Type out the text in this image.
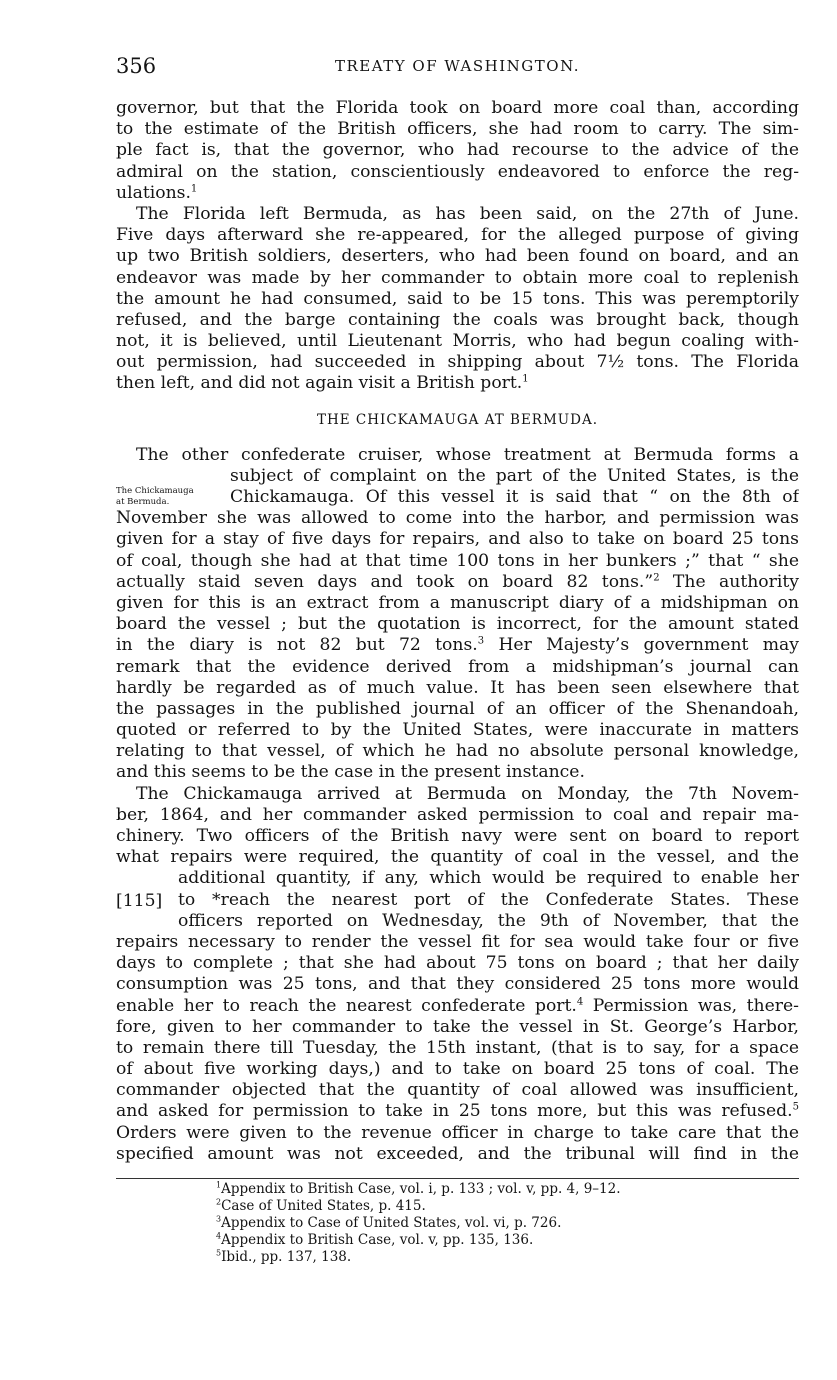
356	TREATY OF WASHINGTON.
governor, but that the Florida took on board more coal than, according
to the estimate of the British officers, she had room to carry. The sim-
ple fact is, that the governor, who had recourse to the advice of the
admiral on the station, conscientiously endeavored to enforce the reg-
ulations.$^1$
The Florida left Bermuda, as has been said, on the 27th of June.
Five days afterward she re-appeared, for the alleged purpose of giving
up two British soldiers, deserters, who had been found on board, and an
endeavor was made by her commander to obtain more coal to replenish
the amount he had consumed, said to be 15 tons. This was peremptorily
refused, and the barge containing the coals was brought back, though
not, it is believed, until Lieutenant Morris, who had begun coaling with-
out permission, had succeeded in shipping about 7½ tons. The Florida
then left, and did not again visit a British port.$^1$
THE CHICKAMAUGA AT BERMUDA.
The other confederate cruiser, whose treatment at Bermuda forms a
subject of complaint on the part of the United States, is the
Chickamauga. Of this vessel it is said that “ on the 8th of
November she was allowed to come into the harbor, and permission was
given for a stay of five days for repairs, and also to take on board 25 tons
of coal, though she had at that time 100 tons in her bunkers ;” that “ she
actually staid seven days and took on board 82 tons.”$^2$ The authority
given for this is an extract from a manuscript diary of a midshipman on
board the vessel ; but the quotation is incorrect, for the amount stated
in the diary is not 82 but 72 tons.$^3$ Her Majesty’s government may
remark that the evidence derived from a midshipman’s journal can
hardly be regarded as of much value. It has been seen elsewhere that
the passages in the published journal of an officer of the Shenandoah,
quoted or referred to by the United States, were inaccurate in matters
relating to that vessel, of which he had no absolute personal knowledge,
and this seems to be the case in the present instance.
The Chickamauga arrived at Bermuda on Monday, the 7th Novem-
ber, 1864, and her commander asked permission to coal and repair ma-
chinery. Two officers of the British navy were sent on board to report
what repairs were required, the quantity of coal in the vessel, and the
additional quantity, if any, which would be required to enable her
to *reach the nearest port of the Confederate States. These
officers reported on Wednesday, the 9th of November, that the
repairs necessary to render the vessel fit for sea would take four or five
days to complete ; that she had about 75 tons on board ; that her daily
consumption was 25 tons, and that they considered 25 tons more would
enable her to reach the nearest confederate port.$^4$ Permission was, there-
fore, given to her commander to take the vessel in St. George’s Harbor,
to remain there till Tuesday, the 15th instant, (that is to say, for a space
of about five working days,) and to take on board 25 tons of coal. The
commander objected that the quantity of coal allowed was insufficient,
and asked for permission to take in 25 tons more, but this was refused.$^5$
Orders were given to the revenue officer in charge to take care that the
specified amount was not exceeded, and the tribunal will find in the
The Chickamauga
at Bermuda.
[115]
$^1$Appendix to British Case, vol. i, p. 133 ; vol. v, pp. 4, 9–12.
$^2$Case of United States, p. 415.
$^3$Appendix to Case of United States, vol. vi, p. 726.
$^4$Appendix to British Case, vol. v, pp. 135, 136.
$^5$Ibid., pp. 137, 138.
